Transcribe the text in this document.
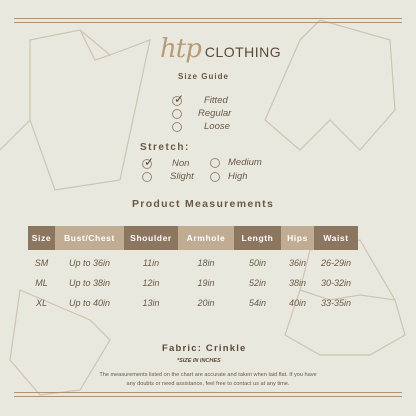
htp CLOTHING
Size Guide
✓ Fitted
Regular
Loose
Stretch:
✓ Non
Slight
Medium
High
Product Measurements
Size	Bust/Chest	Shoulder	Armhole	Length	Hips	Waist
SM	Up to 36in	11in	18in	50in	36in	26-29in
ML	Up to 38in	12in	19in	52in	38in	30-32in
XL	Up to 40in	13in	20in	54in	40in	33-35in
Fabric: Crinkle
*SIZE IN INCHES
The measurements listed on the chart are accurate and taken when laid flat. If you have
any doubts or need assistance, feel free to contact us at any time.
